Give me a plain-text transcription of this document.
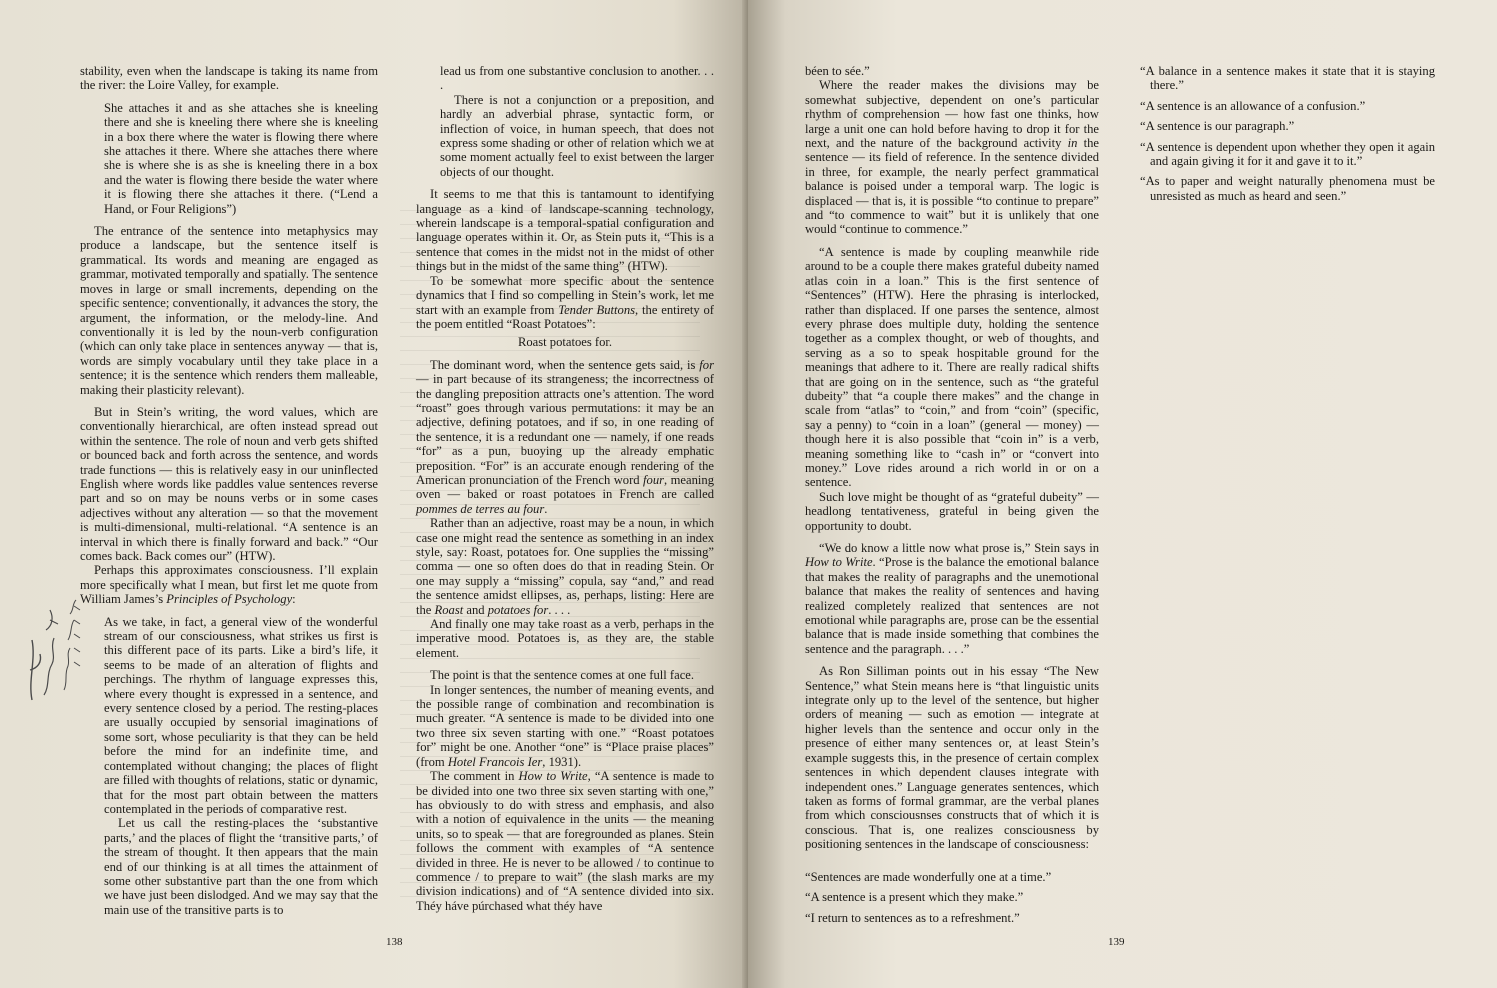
stability, even when the landscape is taking its name from the river: the Loire Valley, for example.

She attaches it and as she attaches she is kneeling there and she is kneeling there where she is kneeling in a box there where the water is flowing there where she attaches it there. Where she attaches there where she is where she is as she is kneeling there in a box and the water is flowing there beside the water where it is flowing there she attaches it there. (“Lend a Hand, or Four Religions”)

The entrance of the sentence into metaphysics may produce a landscape, but the sentence itself is grammatical. Its words and meaning are engaged as grammar, motivated temporally and spatially. The sentence moves in large or small increments, depending on the specific sentence; conventionally, it advances the story, the argument, the information, or the melody-line. And conventionally it is led by the noun-verb configuration (which can only take place in sentences anyway — that is, words are simply vocabulary until they take place in a sentence; it is the sentence which renders them malleable, making their plasticity relevant).

But in Stein’s writing, the word values, which are conventionally hierarchical, are often instead spread out within the sentence. The role of noun and verb gets shifted or bounced back and forth across the sentence, and words trade functions — this is relatively easy in our uninflected English where words like paddles value sentences reverse part and so on may be nouns verbs or in some cases adjectives without any alteration — so that the movement is multi-dimensional, multi-relational. “A sentence is an interval in which there is finally forward and back.” “Our comes back. Back comes our” (HTW).

Perhaps this approximates consciousness. I’ll explain more specifically what I mean, but first let me quote from William James’s Principles of Psychology:

As we take, in fact, a general view of the wonderful stream of our consciousness, what strikes us first is this different pace of its parts. Like a bird’s life, it seems to be made of an alteration of flights and perchings. The rhythm of language expresses this, where every thought is expressed in a sentence, and every sentence closed by a period. The resting-places are usually occupied by sensorial imaginations of some sort, whose peculiarity is that they can be held before the mind for an indefinite time, and contemplated without changing; the places of flight are filled with thoughts of relations, static or dynamic, that for the most part obtain between the matters contemplated in the periods of comparative rest.

Let us call the resting-places the ‘substantive parts,’ and the places of flight the ‘transitive parts,’ of the stream of thought. It then appears that the main end of our thinking is at all times the attainment of some other substantive part than the one from which we have just been dislodged. And we may say that the main use of the transitive parts is to

lead us from one substantive conclusion to another. . . .

There is not a conjunction or a preposition, and hardly an adverbial phrase, syntactic form, or inflection of voice, in human speech, that does not express some shading or other of relation which we at some moment actually feel to exist between the larger objects of our thought.

It seems to me that this is tantamount to identifying language as a kind of landscape-scanning technology, wherein landscape is a temporal-spatial configuration and language operates within it. Or, as Stein puts it, “This is a sentence that comes in the midst not in the midst of other things but in the midst of the same thing” (HTW).

To be somewhat more specific about the sentence dynamics that I find so compelling in Stein’s work, let me start with an example from Tender Buttons, the entirety of the poem entitled “Roast Potatoes”:

Roast potatoes for.

The dominant word, when the sentence gets said, is for — in part because of its strangeness; the incorrectness of the dangling preposition attracts one’s attention. The word “roast” goes through various permutations: it may be an adjective, defining potatoes, and if so, in one reading of the sentence, it is a redundant one — namely, if one reads “for” as a pun, buoying up the already emphatic preposition. “For” is an accurate enough rendering of the American pronunciation of the French word four, meaning oven — baked or roast potatoes in French are called pommes de terres au four.

Rather than an adjective, roast may be a noun, in which case one might read the sentence as something in an index style, say: Roast, potatoes for. One supplies the “missing” comma — one so often does do that in reading Stein. Or one may supply a “missing” copula, say “and,” and read the sentence amidst ellipses, as, perhaps, listing: Here are the Roast and potatoes for. . . .

And finally one may take roast as a verb, perhaps in the imperative mood. Potatoes is, as they are, the stable element.

The point is that the sentence comes at one full face.

In longer sentences, the number of meaning events, and the possible range of combination and recombination is much greater. “A sentence is made to be divided into one two three six seven starting with one.” “Roast potatoes for” might be one. Another “one” is “Place praise places” (from Hotel Francois Ier, 1931).

The comment in How to Write, “A sentence is made to be divided into one two three six seven starting with one,” has obviously to do with stress and emphasis, and also with a notion of equivalence in the units — the meaning units, so to speak — that are foregrounded as planes. Stein follows the comment with examples of “A sentence divided in three. He is never to be allowed / to continue to commence / to prepare to wait” (the slash marks are my division indications) and of “A sentence divided into six. Théy háve púrchased what théy have

138

béen to sée.”

Where the reader makes the divisions may be somewhat subjective, dependent on one’s particular rhythm of comprehension — how fast one thinks, how large a unit one can hold before having to drop it for the next, and the nature of the background activity in the sentence — its field of reference. In the sentence divided in three, for example, the nearly perfect grammatical balance is poised under a temporal warp. The logic is displaced — that is, it is possible “to continue to prepare” and “to commence to wait” but it is unlikely that one would “continue to commence.”

“A sentence is made by coupling meanwhile ride around to be a couple there makes grateful dubeity named atlas coin in a loan.” This is the first sentence of “Sentences” (HTW). Here the phrasing is interlocked, rather than displaced. If one parses the sentence, almost every phrase does multiple duty, holding the sentence together as a complex thought, or web of thoughts, and serving as a so to speak hospitable ground for the meanings that adhere to it. There are really radical shifts that are going on in the sentence, such as “the grateful dubeity” that “a couple there makes” and the change in scale from “atlas” to “coin,” and from “coin” (specific, say a penny) to “coin in a loan” (general — money) — though here it is also possible that “coin in” is a verb, meaning something like to “cash in” or “convert into money.” Love rides around a rich world in or on a sentence.

Such love might be thought of as “grateful dubeity” — headlong tentativeness, grateful in being given the opportunity to doubt.

“We do know a little now what prose is,” Stein says in How to Write. “Prose is the balance the emotional balance that makes the reality of paragraphs and the unemotional balance that makes the reality of sentences and having realized completely realized that sentences are not emotional while paragraphs are, prose can be the essential balance that is made inside something that combines the sentence and the paragraph. . . .”

As Ron Silliman points out in his essay “The New Sentence,” what Stein means here is “that linguistic units integrate only up to the level of the sentence, but higher orders of meaning — such as emotion — integrate at higher levels than the sentence and occur only in the presence of either many sentences or, at least Stein’s example suggests this, in the presence of certain complex sentences in which dependent clauses integrate with independent ones.” Language generates sentences, which taken as forms of formal grammar, are the verbal planes from which consciousnses constructs that of which it is conscious. That is, one realizes consciousness by positioning sentences in the landscape of consciousness:

“Sentences are made wonderfully one at a time.”

“A sentence is a present which they make.”

“I return to sentences as to a refreshment.”

“A balance in a sentence makes it state that it is staying there.”

“A sentence is an allowance of a confusion.”

“A sentence is our paragraph.”

“A sentence is dependent upon whether they open it again and again giving it for it and gave it to it.”

“As to paper and weight naturally phenomena must be unresisted as much as heard and seen.”

139
